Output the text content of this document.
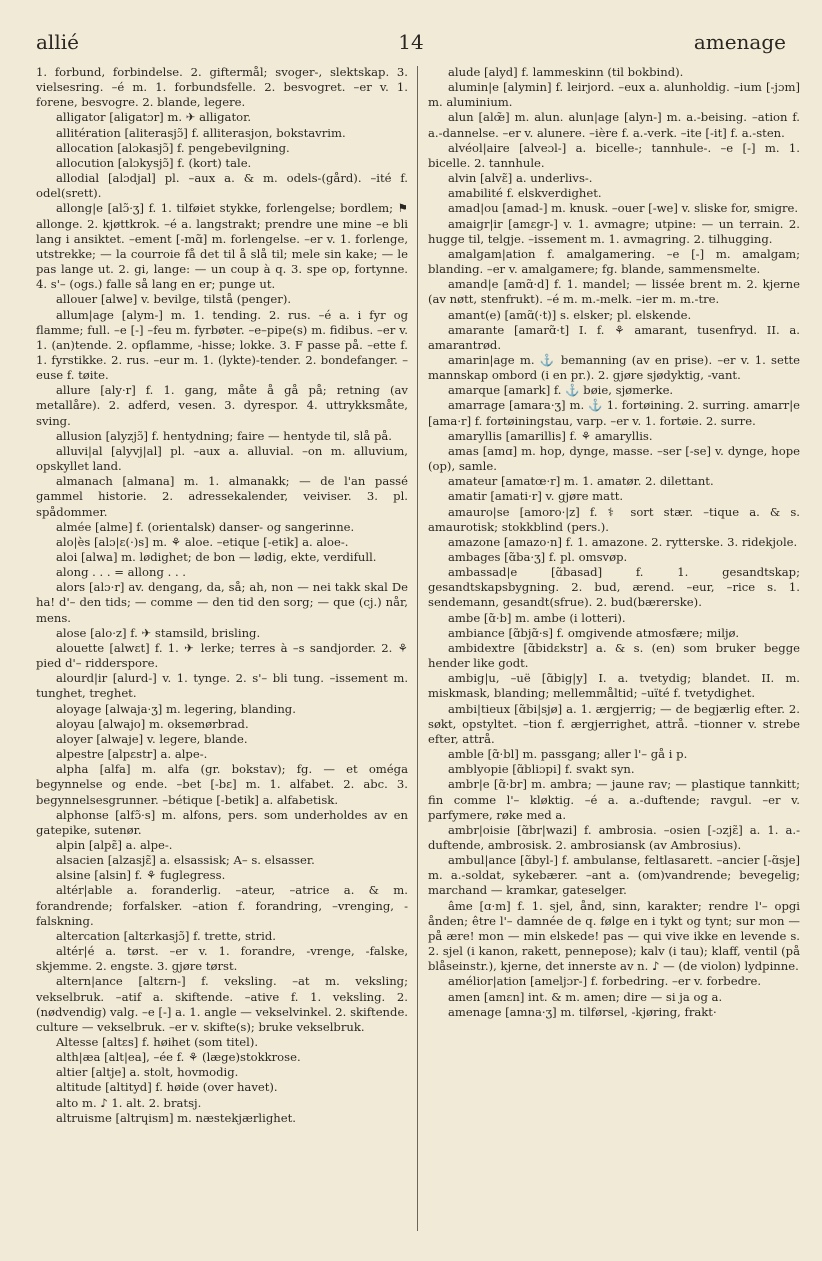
allié	14	amenage

1. forbund, forbindelse. 2. giftermål; svoger-, slektskap. 3. vielsesring. –é m. 1. forbundsfelle. 2. besvogret. –er v. 1. forene, besvogre. 2. blande, legere.

alligator [aligatɔr] m. ✈ alligator.

allitération [aliterasjɔ̃] f. alliterasjon, bokstavrim.

allocation [alɔkasjɔ̃] f. pengebevilgning.

allocution [alɔkysjɔ̃] f. (kort) tale.

allodial [alɔdjal] pl. –aux a. & m. odels-(gård). –ité f. odel(srett).

allong|e [alɔ̃·ʒ] f. 1. tilføiet stykke, forlengelse; bordlem; ⚑ allonge. 2. kjøttkrok. –é a. langstrakt; prendre une mine –e bli lang i ansiktet. –ement [-mɑ̃] m. forlengelse. –er v. 1. forlenge, utstrekke; — la courroie få det til å slå til; mele sin kake; — le pas lange ut. 2. gi, lange: — un coup à q. 3. spe op, fortynne. 4. s'– (ogs.) falle så lang en er; punge ut.

allouer [alwe] v. bevilge, tilstå (penger).

allum|age [alym-] m. 1. tending. 2. rus. –é a. i fyr og flamme; full. –e [-] –feu m. fyrbøter. –e–pipe(s) m. fidibus. –er v. 1. (an)tende. 2. opflamme, -hisse; lokke. 3. F passe på. –ette f. 1. fyrstikke. 2. rus. –eur m. 1. (lykte)-tender. 2. bondefanger. –euse f. tøite.

allure [aly·r] f. 1. gang, måte å gå på; retning (av metallåre). 2. adferd, vesen. 3. dyrespor. 4. uttrykksmåte, sving.

allusion [alyzjɔ̃] f. hentydning; faire — hentyde til, slå på.

alluvi|al [alyvj|al] pl. –aux a. alluvial. –on m. alluvium, opskyllet land.

almanach [almana] m. 1. almanakk; — de l'an passé gammel historie. 2. adressekalender, veiviser. 3. pl. spådommer.

almée [alme] f. (orientalsk) danser- og sangerinne.

alo|ès [alɔ|ɛ(·)s] m. ⚘ aloe. –etique [-etik] a. aloe-.

aloi [alwa] m. lødighet; de bon — lødig, ekte, verdifull.

along . . . = allong . . .

alors [alɔ·r] av. dengang, da, så; ah, non — nei takk skal De ha! d'– den tids; — comme — den tid den sorg; — que (cj.) når, mens.

alose [alo·z] f. ✈ stamsild, brisling.

alouette [alwɛt] f. 1. ✈ lerke; terres à –s sandjorder. 2. ⚘ pied d'– riddersporе.

alourd|ir [alurd-] v. 1. tynge. 2. s'– bli tung. –issement m. tunghet, treghet.

aloyage [alwaja·ʒ] m. legering, blanding.

aloyau [alwajo] m. oksemørbrad.

aloyer [alwaje] v. legere, blande.

alpestre [alpɛstr] a. alpe-.

alpha [alfa] m. alfa (gr. bokstav); fg. — et oméga begynnelse og ende. –bet [-bɛ] m. 1. alfabet. 2. abc. 3. begynnelsesgrunner. –bétique [-betik] a. alfabetisk.

alphonse [alfɔ̃·s] m. alfons, pers. som underholdes av en gatepike, sutenør.

alpin [alpɛ̃] a. alpe-.

alsacien [alzasjɛ̃] a. elsassisk; A– s. elsasser.

alsine [alsin] f. ⚘ fuglegress.

altér|able a. foranderlig. –ateur, –atrice a. & m. forandrende; forfalsker. –ation f. forandring, –vrenging, -falskning.

altercation [altɛrkasjɔ̃] f. trette, strid.

altér|é a. tørst. –er v. 1. forandre, -vrenge, -falske, skjemme. 2. engste. 3. gjøre tørst.

altern|ance [altɛrn-] f. veksling. –at m. veksling; vekselbruk. –atif a. skiftende. –ative f. 1. veksling. 2. (nødvendig) valg. –e [-] a. 1. angle — vekselvinkel. 2. skiftende. culture — vekselbruk. –er v. skifte(s); bruke vekselbruk.

Altesse [altɛs] f. høihet (som titel).

alth|æa [alt|ea], –ée f. ⚘ (læge)stokkrose.

altier [altje] a. stolt, hovmodig.

altitude [altityd] f. høide (over havet).

alto m. ♪ 1. alt. 2. bratsj.

altruisme [altrɥism] m. næstekjærlighet.

alude [alyd] f. lammeskinn (til bokbind).

alumin|e [alymin] f. leirjord. –eux a. alunholdig. –ium [-jɔm] m. aluminium.

alun [alœ̃] m. alun. alun|age [alyn-] m. a.-beising. –ation f. a.-dannelse. –er v. alunere. –ière f. a.-verk. –ite [-it] f. a.-sten.

alvéol|aire [alveɔl-] a. bicelle-; tannhule-. –e [-] m. 1. bicelle. 2. tannhule.

alvin [alvɛ̃] a. underlivs-.

amabilité f. elskverdighet.

amad|ou [amad-] m. knusk. –ouer [-we] v. sliske for, smigre.

amaigr|ir [amɛgr-] v. 1. avmagre; utpine: — un terrain. 2. hugge til, telgje. –issement m. 1. avmagring. 2. tilhugging.

amalgam|ation f. amalgamering. –e [-] m. amalgam; blanding. –er v. amalgamere; fg. blande, sammensmelte.

amand|e [amɑ̃·d] f. 1. mandel; — lissée brent m. 2. kjerne (av nøtt, stenfrukt). –é m. m.-melk. –ier m. m.-tre.

amant(e) [amɑ̃(·t)] s. elsker; pl. elskende.

amarante [amarɑ̃·t] I. f. ⚘ amarant, tusenfryd. II. a. amarantrød.

amarin|age m. ⚓ bemanning (av en prise). –er v. 1. sette mannskap ombord (i en pr.). 2. gjøre sjødyktig, -vant.

amarque [amark] f. ⚓ bøie, sjømerke.

amarrage [amara·ʒ] m. ⚓ 1. fortøining. 2. surring. amarr|e [ama·r] f. fortøiningstau, varp. –er v. 1. fortøie. 2. surre.

amaryllis [amarillis] f. ⚘ amaryllis.

amas [amɑ] m. hop, dynge, masse. –ser [-se] v. dynge, hope (op), samle.

amateur [amatœ·r] m. 1. amatør. 2. dilettant.

amatir [amati·r] v. gjøre matt.

amauro|se [amoro·|z] f. ⚕ sort stær. –tique a. & s. amaurotisk; stokkblind (pers.).

amazone [amazo·n] f. 1. amazone. 2. rytterske. 3. ridekjole.

ambages [ɑ̃ba·ʒ] f. pl. omsvøp.

ambassad|e [ɑ̃basad] f. 1. gesandtskap; gesandtskapsbygning. 2. bud, ærend. –eur, –rice s. 1. sendemann, gesandt(sfrue). 2. bud(bærerske).

ambe [ɑ̃·b] m. ambe (i lotteri).

ambiance [ɑ̃bjɑ̃·s] f. omgivende atmosfære; miljø.

ambidextre [ɑ̃bidɛkstr] a. & s. (en) som bruker begge hender like godt.

ambig|u, –uë [ɑ̃big|y] I. a. tvetydig; blandet. II. m. miskmask, blanding; mellemmåltid; –uïté f. tvetydighet.

ambi|tieux [ɑ̃bi|sjø] a. 1. ærgjerrig; — de begjærlig efter. 2. søkt, opstyltet. –tion f. ærgjerrighet, attrå. –tionner v. strebe efter, attrå.

amble [ɑ̃·bl] m. passgang; aller l'– gå i p.

amblyopie [ɑ̃bliɔpi] f. svakt syn.

ambr|e [ɑ̃·br] m. ambra; — jaune rav; — plastique tannkitt; fin comme l'– kløktig. –é a. a.-duftende; ravgul. –er v. parfymere, røke med a.

ambr|oisie [ɑ̃br|wazi] f. ambrosia. –osien [-ɔzjɛ̃] a. 1. a.-duftende, ambrosisk. 2. ambrosiansk (av Ambrosius).

ambul|ance [ɑ̃byl-] f. ambulanse, feltlasarett. –ancier [-ɑ̃sje] m. a.-soldat, sykebærer. –ant a. (om)vandrende; bevegelig; marchand — kramkar, gateselger.

âme [ɑ·m] f. 1. sjel, ånd, sinn, karakter; rendre l'– opgi ånden; être l'– damnée de q. følge en i tykt og tynt; sur mon — på ære! mon — min elskede! pas — qui vive ikke en levende s. 2. sjel (i kanon, rakett, pennepose); kalv (i tau); klaff, ventil (på blåseinstr.), kjerne, det innerste av n. ♪ — (de violon) lydpinne.

amélior|ation [ameljɔr-] f. forbedring. –er v. forbedre.

amen [amɛn] int. & m. amen; dire — si ja og a.

amenage [amna·ʒ] m. tilførsel, -kjøring, frakt·
